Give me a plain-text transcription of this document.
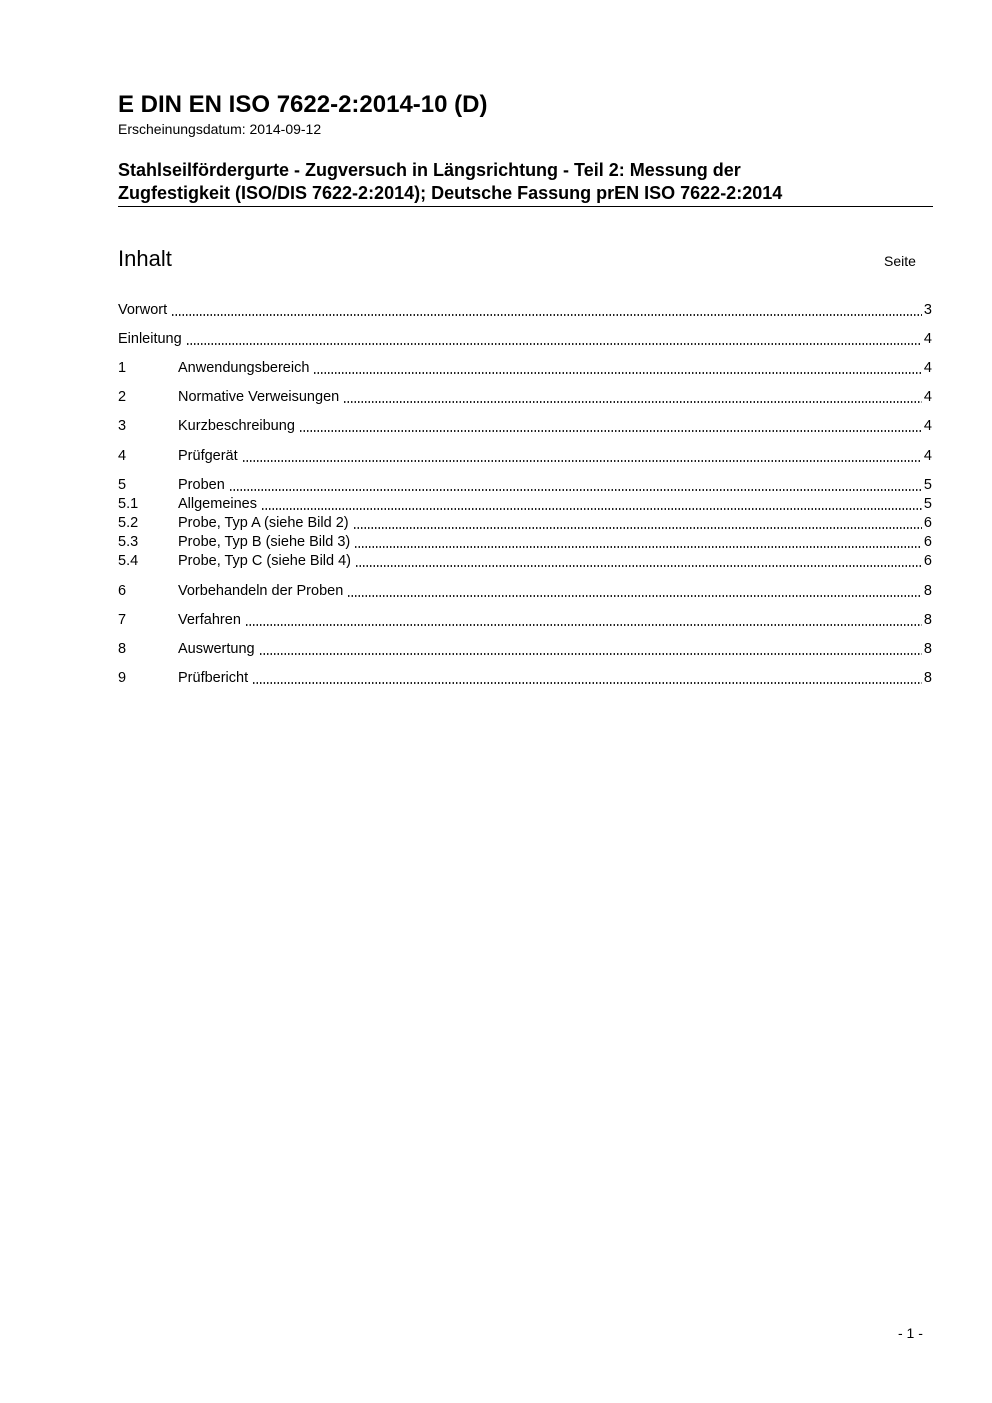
E DIN EN ISO 7622-2:2014-10 (D)
Erscheinungsdatum: 2014-09-12
Stahlseilfördergurte - Zugversuch in Längsrichtung - Teil 2: Messung der
Zugfestigkeit (ISO/DIS 7622-2:2014); Deutsche Fassung prEN ISO 7622-2:2014
Inhalt	Seite
Vorwort	3
Einleitung	4
1	Anwendungsbereich	4
2	Normative Verweisungen	4
3	Kurzbeschreibung	4
4	Prüfgerät	4
5	Proben	5
5.1	Allgemeines	5
5.2	Probe, Typ A (siehe Bild 2)	6
5.3	Probe, Typ B (siehe Bild 3)	6
5.4	Probe, Typ C (siehe Bild 4)	6
6	Vorbehandeln der Proben	8
7	Verfahren	8
8	Auswertung	8
9	Prüfbericht	8
- 1 -
